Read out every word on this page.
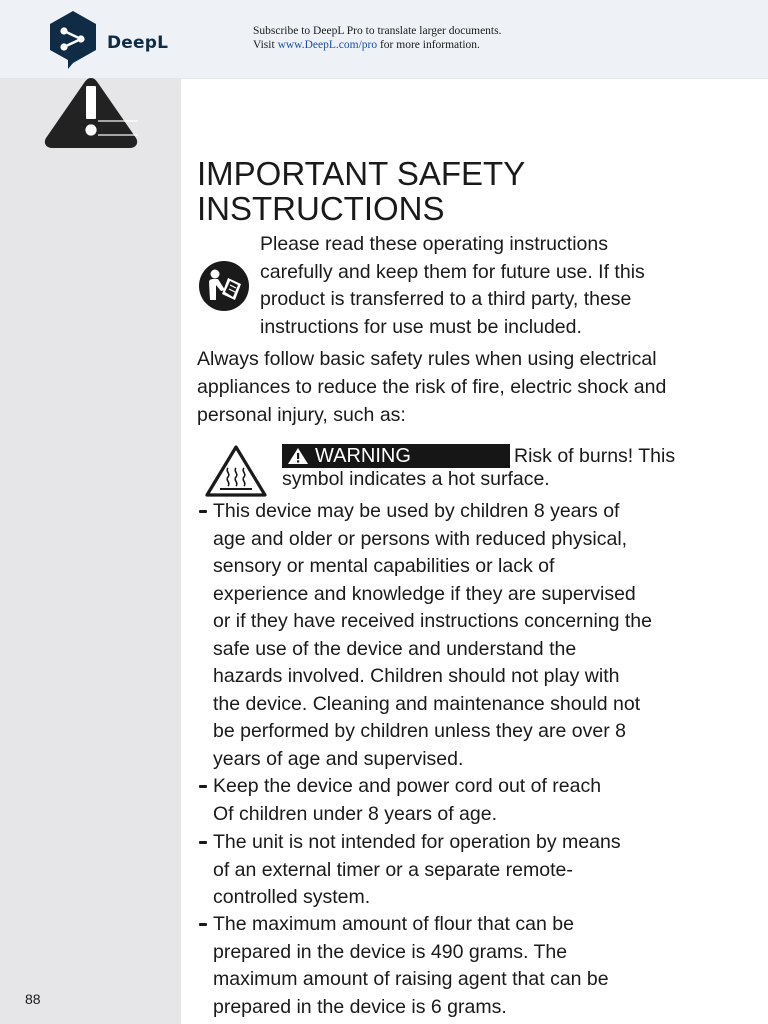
DeepL
Subscribe to DeepL Pro to translate larger documents.
Visit www.DeepL.com/pro for more information.
88
IMPORTANT SAFETY
INSTRUCTIONS
Please read these operating instructions
carefully and keep them for future use. If this
product is transferred to a third party, these
instructions for use must be included.
Always follow basic safety rules when using electrical
appliances to reduce the risk of fire, electric shock and
personal injury, such as:
WARNING	Risk of burns! This
symbol indicates a hot surface.
This device may be used by children 8 years of
age and older or persons with reduced physical,
sensory or mental capabilities or lack of
experience and knowledge if they are supervised
or if they have received instructions concerning the
safe use of the device and understand the
hazards involved. Children should not play with
the device. Cleaning and maintenance should not
be performed by children unless they are over 8
years of age and supervised.
Keep the device and power cord out of reach
Of children under 8 years of age.
The unit is not intended for operation by means
of an external timer or a separate remote-
controlled system.
The maximum amount of flour that can be
prepared in the device is 490 grams. The
maximum amount of raising agent that can be
prepared in the device is 6 grams.
